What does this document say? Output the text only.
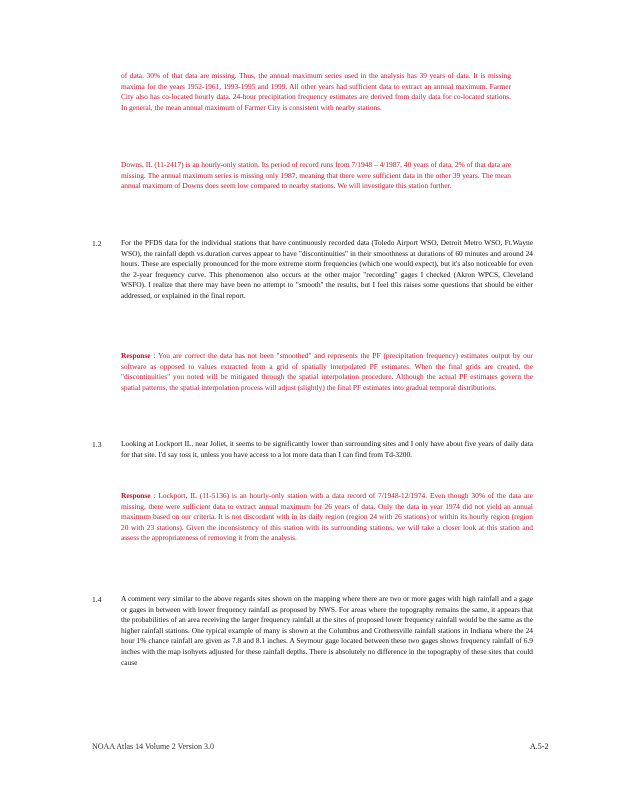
of data. 30% of that data are missing. Thus, the annual maximum series used in the analysis has 39 years of data. It is missing maxima for the years 1952-1961, 1993-1995 and 1999. All other years had sufficient data to extract an annual maximum. Farmer City also has co-located hourly data. 24-hour precipitation frequency estimates are derived from daily data for co-located stations. In general, the mean annual maximum of Farmer City is consistent with nearby stations.

Downs, IL (11-2417) is an hourly-only station. Its period of record runs from 7/1948 – 4/1987, 40 years of data. 2% of that data are missing. The annual maximum series is missing only 1987, meaning that there were sufficient data in the other 39 years. The mean annual maximum of Downs does seem low compared to nearby stations. We will investigate this station further.

1.2	For the PFDS data for the individual stations that have continuously recorded data (Toledo Airport WSO, Detroit Metro WSO, Ft.Wayne WSO), the rainfall depth vs.duration curves appear to have "discontinuities" in their smoothness at durations of 60 minutes and around 24 hours. These are especially pronounced for the more extreme storm frequencies (which one would expect), but it's also noticeable for even the 2-year frequency curve. This phenomenon also occurs at the other major "recording" gages I checked (Akron WPCS, Cleveland WSFO). I realize that there may have been no attempt to "smooth" the results, but I feel this raises some questions that should be either addressed, or explained in the final report.

Response : You are correct the data has not been "smoothed" and represents the PF (precipitation frequency) estimates output by our software as opposed to values extracted from a grid of spatially interpolated PF estimates. When the final grids are created, the "discontinuities" you noted will be mitigated through the spatial interpolation procedure. Although the actual PF estimates govern the spatial patterns, the spatial interpolation process will adjust (slightly) the final PF estimates into gradual temporal distributions.

1.3	Looking at Lockport IL, near Joliet, it seems to be significantly lower than surrounding sites and I only have about five years of daily data for that site. I'd say toss it, unless you have access to a lot more data than I can find from Td-3200.

Response : Lockport, IL (11-5136) is an hourly-only station with a data record of 7/1948-12/1974. Even though 30% of the data are missing, there were sufficient data to extract annual maximum for 26 years of data. Only the data in year 1974 did not yield an annual maximum based on our criteria. It is not discordant with in its daily region (region 24 with 26 stations) or within its hourly region (region 20 with 23 stations). Given the inconsistency of this station with its surrounding stations, we will take a closer look at this station and assess the appropriateness of removing it from the analysis.

1.4	A comment very similar to the above regards sites shown on the mapping where there are two or more gages with high rainfall and a gage or gages in between with lower frequency rainfall as proposed by NWS. For areas where the topography remains the same, it appears that the probabilities of an area receiving the larger frequency rainfall at the sites of proposed lower frequency rainfall would be the same as the higher rainfall stations. One typical example of many is shown at the Columbus and Crothersville rainfall stations in Indiana where the 24 hour 1% chance rainfall are given as 7.8 and 8.1 inches. A Seymour gage located between these two gages shows frequency rainfall of 6.9 inches with the map isohyets adjusted for these rainfall depths. There is absolutely no difference in the topography of these sites that could cause

NOAA Atlas 14 Volume 2 Version 3.0	A.5-2
